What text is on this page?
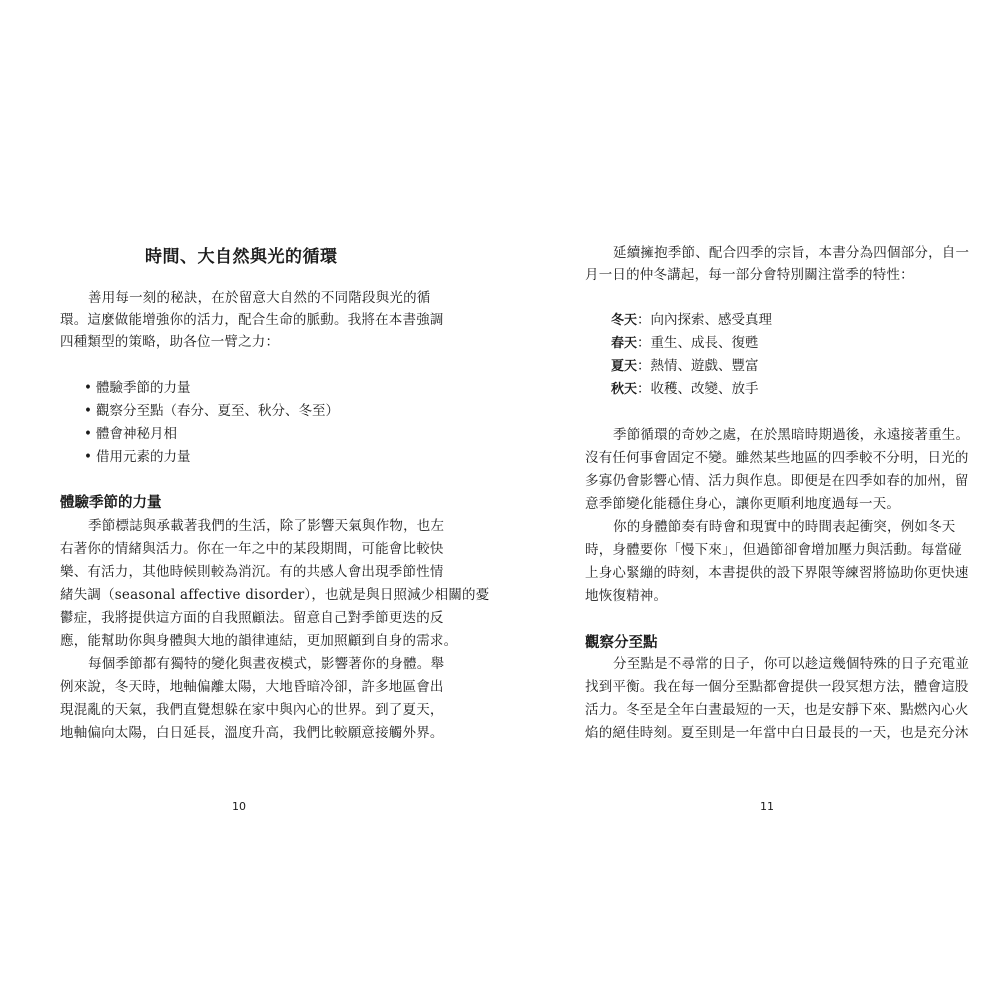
時間、大自然與光的循環
善用每一刻的秘訣，在於留意大自然的不同階段與光的循
環。這麼做能增強你的活力，配合生命的脈動。我將在本書強調
四種類型的策略，助各位一臂之力：
• 體驗季節的力量
• 觀察分至點（春分、夏至、秋分、冬至）
• 體會神秘月相
• 借用元素的力量
體驗季節的力量
季節標誌與承載著我們的生活，除了影響天氣與作物，也左
右著你的情緒與活力。你在一年之中的某段期間，可能會比較快
樂、有活力，其他時候則較為消沉。有的共感人會出現季節性情
緒失調（seasonal affective disorder），也就是與日照減少相關的憂
鬱症，我將提供這方面的自我照顧法。留意自己對季節更迭的反
應，能幫助你與身體與大地的韻律連結，更加照顧到自身的需求。
每個季節都有獨特的變化與晝夜模式，影響著你的身體。舉
例來說，冬天時，地軸偏離太陽，大地昏暗冷卻，許多地區會出
現混亂的天氣，我們直覺想躲在家中與內心的世界。到了夏天，
地軸偏向太陽，白日延長，溫度升高，我們比較願意接觸外界。
10
延續擁抱季節、配合四季的宗旨，本書分為四個部分，自一
月一日的仲冬講起，每一部分會特別關注當季的特性：
冬天：向內探索、感受真理
春天：重生、成長、復甦
夏天：熱情、遊戲、豐富
秋天：收穫、改變、放手
季節循環的奇妙之處，在於黑暗時期過後，永遠接著重生。
沒有任何事會固定不變。雖然某些地區的四季較不分明，日光的
多寡仍會影響心情、活力與作息。即便是在四季如春的加州，留
意季節變化能穩住身心，讓你更順利地度過每一天。
你的身體節奏有時會和現實中的時間表起衝突，例如冬天
時，身體要你「慢下來」，但過節卻會增加壓力與活動。每當碰
上身心緊繃的時刻，本書提供的設下界限等練習將協助你更快速
地恢復精神。
觀察分至點
分至點是不尋常的日子，你可以趁這幾個特殊的日子充電並
找到平衡。我在每一個分至點都會提供一段冥想方法，體會這股
活力。冬至是全年白晝最短的一天，也是安靜下來、點燃內心火
焰的絕佳時刻。夏至則是一年當中白日最長的一天，也是充分沐
11
